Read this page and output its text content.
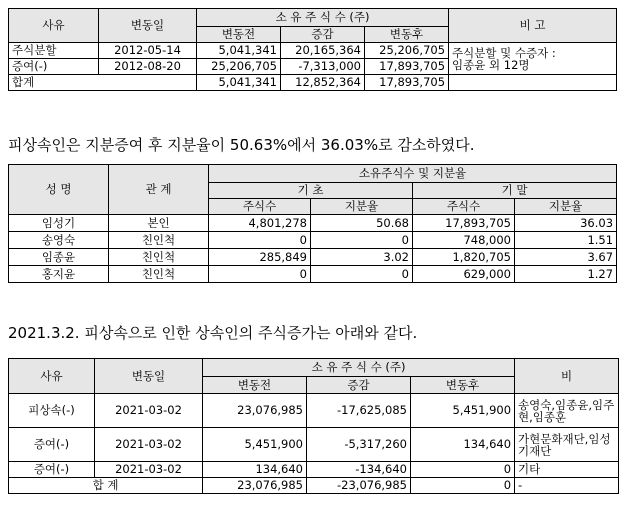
사유	변동일	소 유 주 식 수 (주)			비 고
		변동전	증감	변동후	
주식분할	2012-05-14	5,041,341	20,165,364	25,206,705	주식분할 및 수증자 :
임종윤 외 12명

증여(-)	2012-08-20	25,206,705	-7,313,000	17,893,705	
합계		5,041,341	12,852,364	17,893,705	

피상속인은 지분증여 후 지분율이 50.63%에서 36.03%로 감소하였다.

성 명	관 계	소유주식수 및 지분율			
		기 초		기 말	
		주식수	지분율	주식수	지분율
임성기	본인	4,801,278	50.68	17,893,705	36.03
송영숙	친인척	0	0	748,000	1.51
임종윤	친인척	285,849	3.02	1,820,705	3.67
홍지윤	친인척	0	0	629,000	1.27

2021.3.2. 피상속으로 인한 상속인의 주식증가는 아래와 같다.

사유	변동일	소 유 주 식 수 (주)			비
		변동전	증감	변동후	
피상속(-)	2021-03-02	23,076,985	-17,625,085	5,451,900	송영숙,임종윤,임주현,임종훈
증여(-)	2021-03-02	5,451,900	-5,317,260	134,640	가현문화재단,임성기재단
증여(-)	2021-03-02	134,640	-134,640	0	기타
합 계		23,076,985	-23,076,985	0	-
